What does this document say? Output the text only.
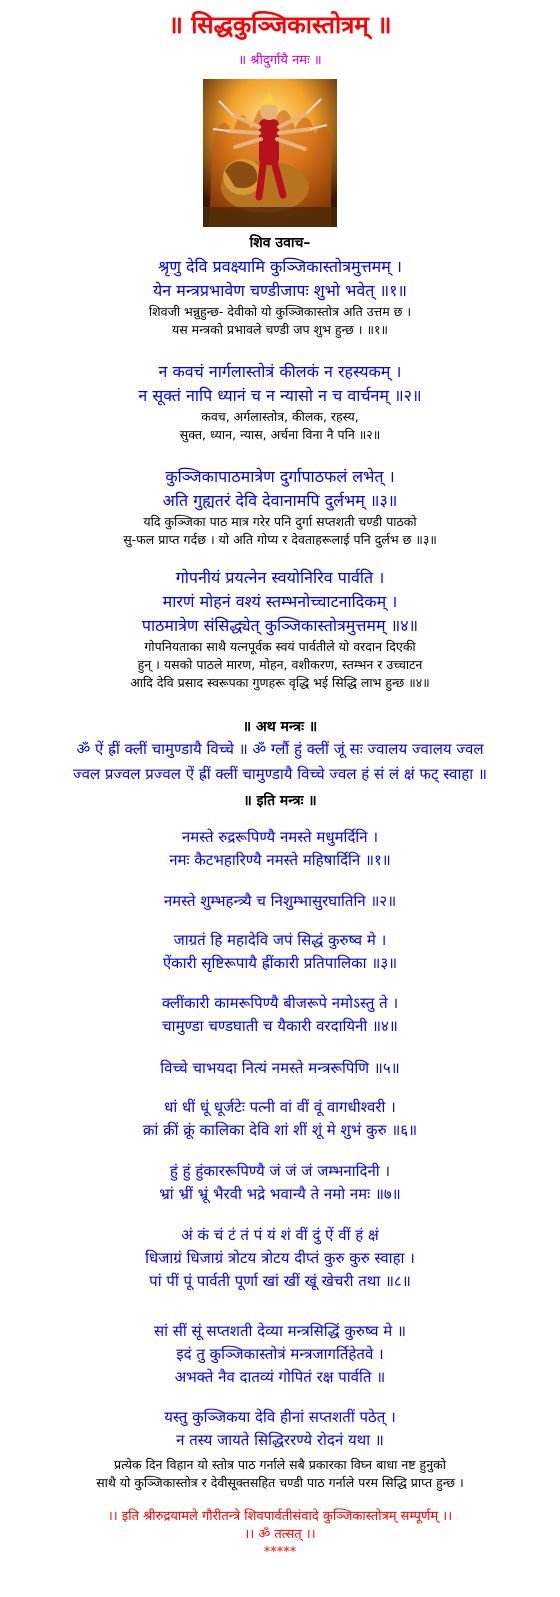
॥ सिद्धकुञ्जिकास्तोत्रम् ॥
॥ श्रीदुर्गायै नमः ॥
शिव उवाच–
श्रृणु देवि प्रवक्ष्यामि कुञ्जिकास्तोत्रमुत्तमम् ।
येन मन्त्रप्रभावेण चण्डीजापः शुभो भवेत् ॥१॥
शिवजी भन्नुहुन्छ- देवीको यो कुञ्जिकास्तोत्र अति उत्तम छ ।
यस मन्त्रको प्रभावले चण्डी जप शुभ हुन्छ । ॥१॥
न कवचं नार्गलास्तोत्रं कीलकं न रहस्यकम् ।
न सूक्तं नापि ध्यानं च न न्यासो न च वार्चनम् ॥२॥
कवच, अर्गलास्तोत्र, कीलक, रहस्य,
सुक्त, ध्यान, न्यास, अर्चना विना नै पनि ॥२॥
कुञ्जिकापाठमात्रेण दुर्गापाठफलं लभेत् ।
अति गुह्यतरं देवि देवानामपि दुर्लभम् ॥३॥
यदि कुञ्जिका पाठ मात्र गरेर पनि दुर्गा सप्तशती चण्डी पाठको
सु-फल प्राप्त गर्दछ । यो अति गोप्य र देवताहरूलाई पनि दुर्लभ छ ॥३॥
गोपनीयं प्रयत्नेन स्वयोनिरिव पार्वति ।
मारणं मोहनं वश्यं स्तम्भनोच्चाटनादिकम् ।
पाठमात्रेण संसिद्ध्येत् कुञ्जिकास्तोत्रमुत्तमम् ॥४॥
गोपनियताका साथै यत्नपूर्वक स्वयं पार्वतीले यो वरदान दिएकी
हुन् । यसको पाठले मारण, मोहन, वशीकरण, स्तम्भन र उच्चाटन
आदि देवि प्रसाद स्वरूपका गुणहरू वृद्धि भई सिद्धि लाभ हुन्छ ॥४॥
॥ अथ मन्त्रः ॥
ॐ ऐं ह्रीं क्लीं चामुण्डायै विच्चे ॥ ॐ ग्लौं हुं क्लीं जूं सः ज्वालय ज्वालय ज्वल
ज्वल प्रज्वल प्रज्वल ऐं ह्रीं क्लीं चामुण्डायै विच्चे ज्वल हं सं लं क्षं फट् स्वाहा ॥
॥ इति मन्त्रः ॥
नमस्ते रुद्ररूपिण्यै नमस्ते मधुमर्दिनि ।
नमः कैटभहारिण्यै नमस्ते महिषार्दिनि ॥१॥
नमस्ते शुम्भहन्त्र्यै च निशुम्भासुरघातिनि ॥२॥
जाग्रतं हि महादेवि जपं सिद्धं कुरुष्व मे ।
ऐंकारी सृष्टिरूपायै ह्रींकारी प्रतिपालिका ॥३॥
क्लींकारी कामरूपिण्यै बीजरूपे नमोऽस्तु ते ।
चामुण्डा चण्डघाती च यैकारी वरदायिनी ॥४॥
विच्चे चाभयदा नित्यं नमस्ते मन्त्ररूपिणि ॥५॥
धां धीं धूं धूर्जटेः पत्नी वां वीं वूं वागधीश्वरी ।
क्रां क्रीं क्रूं कालिका देवि शां शीं शूं मे शुभं कुरु ॥६॥
हुं हुं हुंकाररूपिण्यै जं जं जं जम्भनादिनी ।
भ्रां भ्रीं भ्रूं भैरवी भद्रे भवान्यै ते नमो नमः ॥७॥
अं कं चं टं तं पं यं शं वीं दुं ऐं वीं हं क्षं
धिजाग्रं धिजाग्रं त्रोटय त्रोटय दीप्तं कुरु कुरु स्वाहा ।
पां पीं पूं पार्वती पूर्णा खां खीं खूं खेचरी तथा ॥८॥
सां सीं सूं सप्तशती देव्या मन्त्रसिद्धिं कुरुष्व मे ॥
इदं तु कुञ्जिकास्तोत्रं मन्त्रजागर्तिहेतवे ।
अभक्ते नैव दातव्यं गोपितं रक्ष पार्वति ॥
यस्तु कुञ्जिकया देवि हीनां सप्तशतीं पठेत् ।
न तस्य जायते सिद्धिररण्ये रोदनं यथा ॥
प्रत्येक दिन विहान यो स्तोत्र पाठ गर्नाले सबै प्रकारका विघ्न बाधा नष्ट हुनुको
साथै यो कुञ्जिकास्तोत्र र देवीसूक्तसहित चण्डी पाठ गर्नाले परम सिद्धि प्राप्त हुन्छ ।
।। इति श्रीरुद्रयामले गौरीतन्त्रे शिवपार्वतीसंवादे कुञ्जिकास्तोत्रम् सम्पूर्णम् ।।
।। ॐ तत्सत् ।।
*****
